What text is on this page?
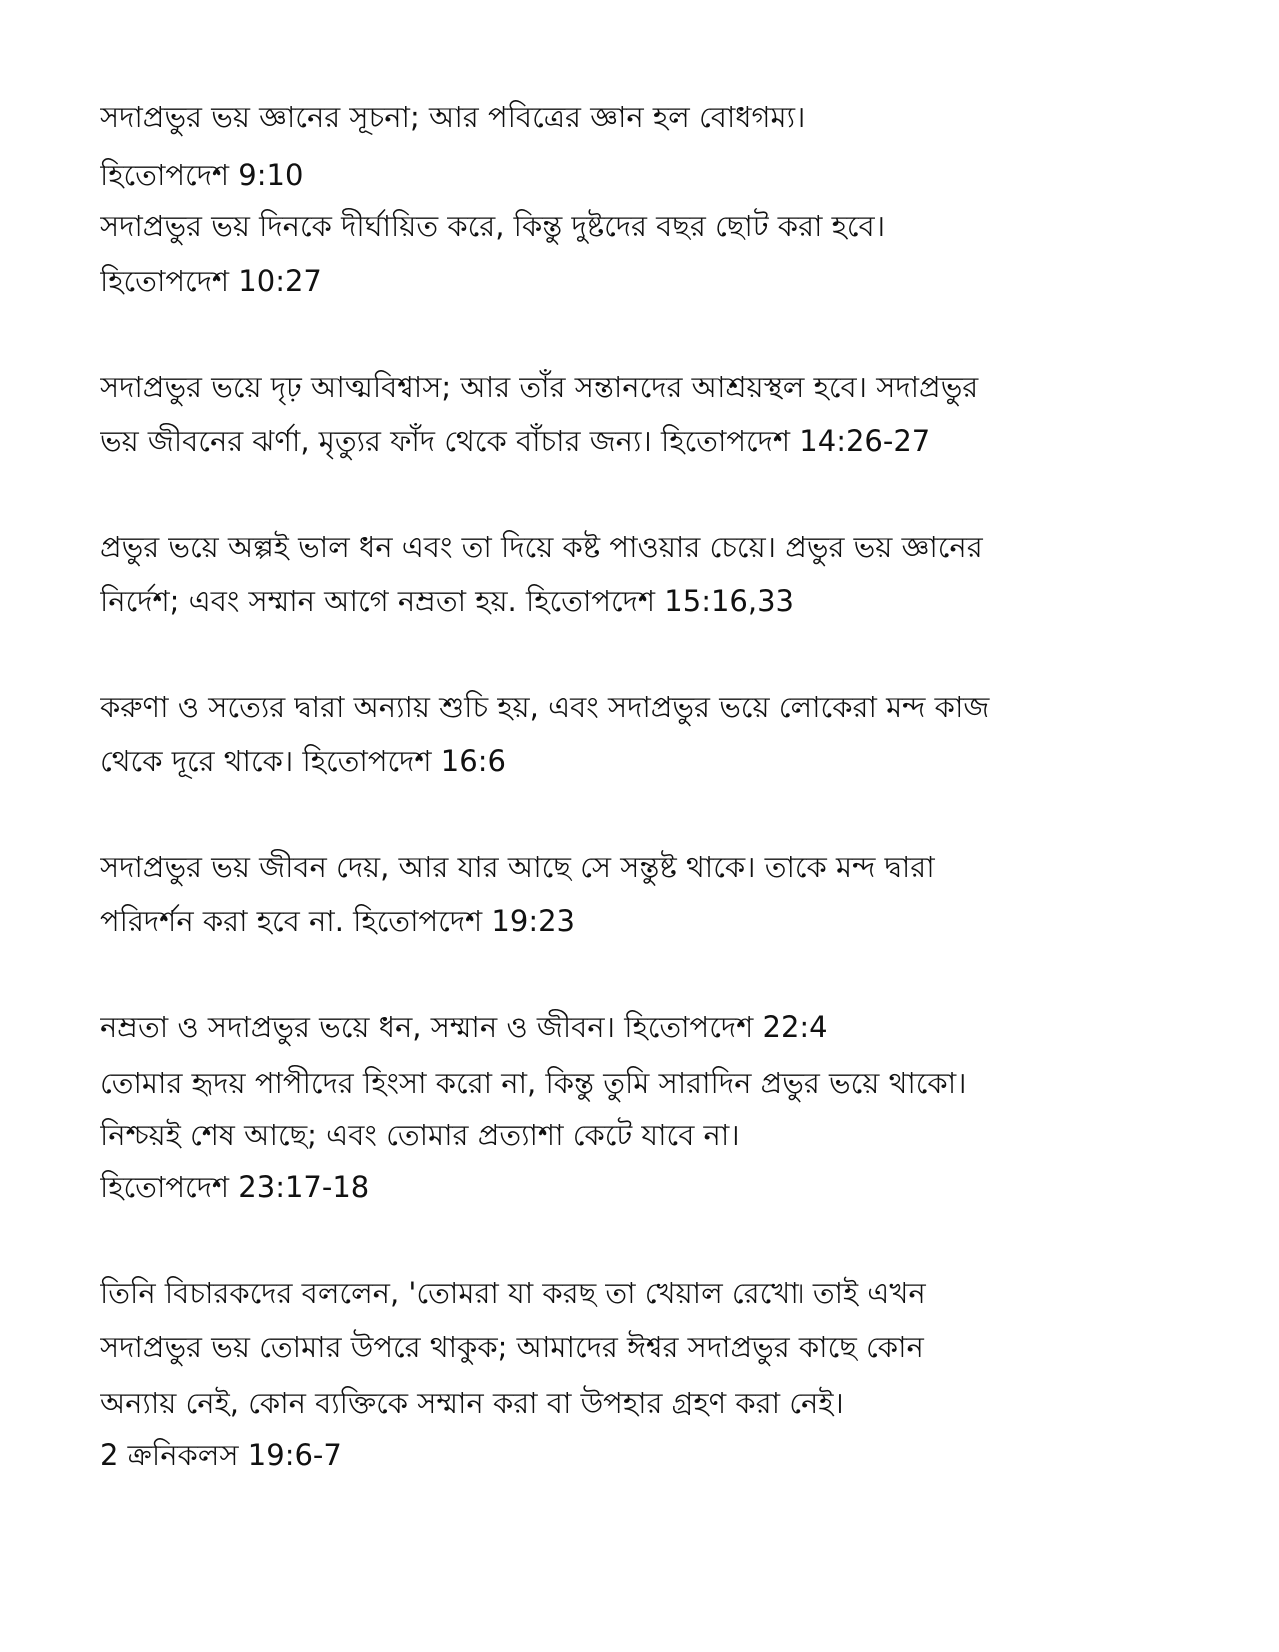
সদাপ্রভুর ভয় জ্ঞানের সূচনা; আর পবিত্রের জ্ঞান হল বোধগম্য।
হিতোপদেশ 9:10
সদাপ্রভুর ভয় দিনকে দীর্ঘায়িত করে, কিন্তু দুষ্টদের বছর ছোট করা হবে।
হিতোপদেশ 10:27
সদাপ্রভুর ভয়ে দৃঢ় আত্মবিশ্বাস; আর তাঁর সন্তানদের আশ্রয়স্থল হবে। সদাপ্রভুর
ভয় জীবনের ঝর্ণা, মৃত্যুর ফাঁদ থেকে বাঁচার জন্য। হিতোপদেশ 14:26-27
প্রভুর ভয়ে অল্পই ভাল ধন এবং তা দিয়ে কষ্ট পাওয়ার চেয়ে। প্রভুর ভয় জ্ঞানের
নির্দেশ; এবং সম্মান আগে নম্রতা হয়. হিতোপদেশ 15:16,33
করুণা ও সত্যের দ্বারা অন্যায় শুচি হয়, এবং সদাপ্রভুর ভয়ে লোকেরা মন্দ কাজ
থেকে দূরে থাকে। হিতোপদেশ 16:6
সদাপ্রভুর ভয় জীবন দেয়, আর যার আছে সে সন্তুষ্ট থাকে। তাকে মন্দ দ্বারা
পরিদর্শন করা হবে না. হিতোপদেশ 19:23
নম্রতা ও সদাপ্রভুর ভয়ে ধন, সম্মান ও জীবন। হিতোপদেশ 22:4
তোমার হৃদয় পাপীদের হিংসা করো না, কিন্তু তুমি সারাদিন প্রভুর ভয়ে থাকো।
নিশ্চয়ই শেষ আছে; এবং তোমার প্রত্যাশা কেটে যাবে না।
হিতোপদেশ 23:17-18
তিনি বিচারকদের বললেন, 'তোমরা যা করছ তা খেয়াল রেখো৷ তাই এখন
সদাপ্রভুর ভয় তোমার উপরে থাকুক; আমাদের ঈশ্বর সদাপ্রভুর কাছে কোন
অন্যায় নেই, কোন ব্যক্তিকে সম্মান করা বা উপহার গ্রহণ করা নেই।
2 ক্রনিকলস 19:6-7
